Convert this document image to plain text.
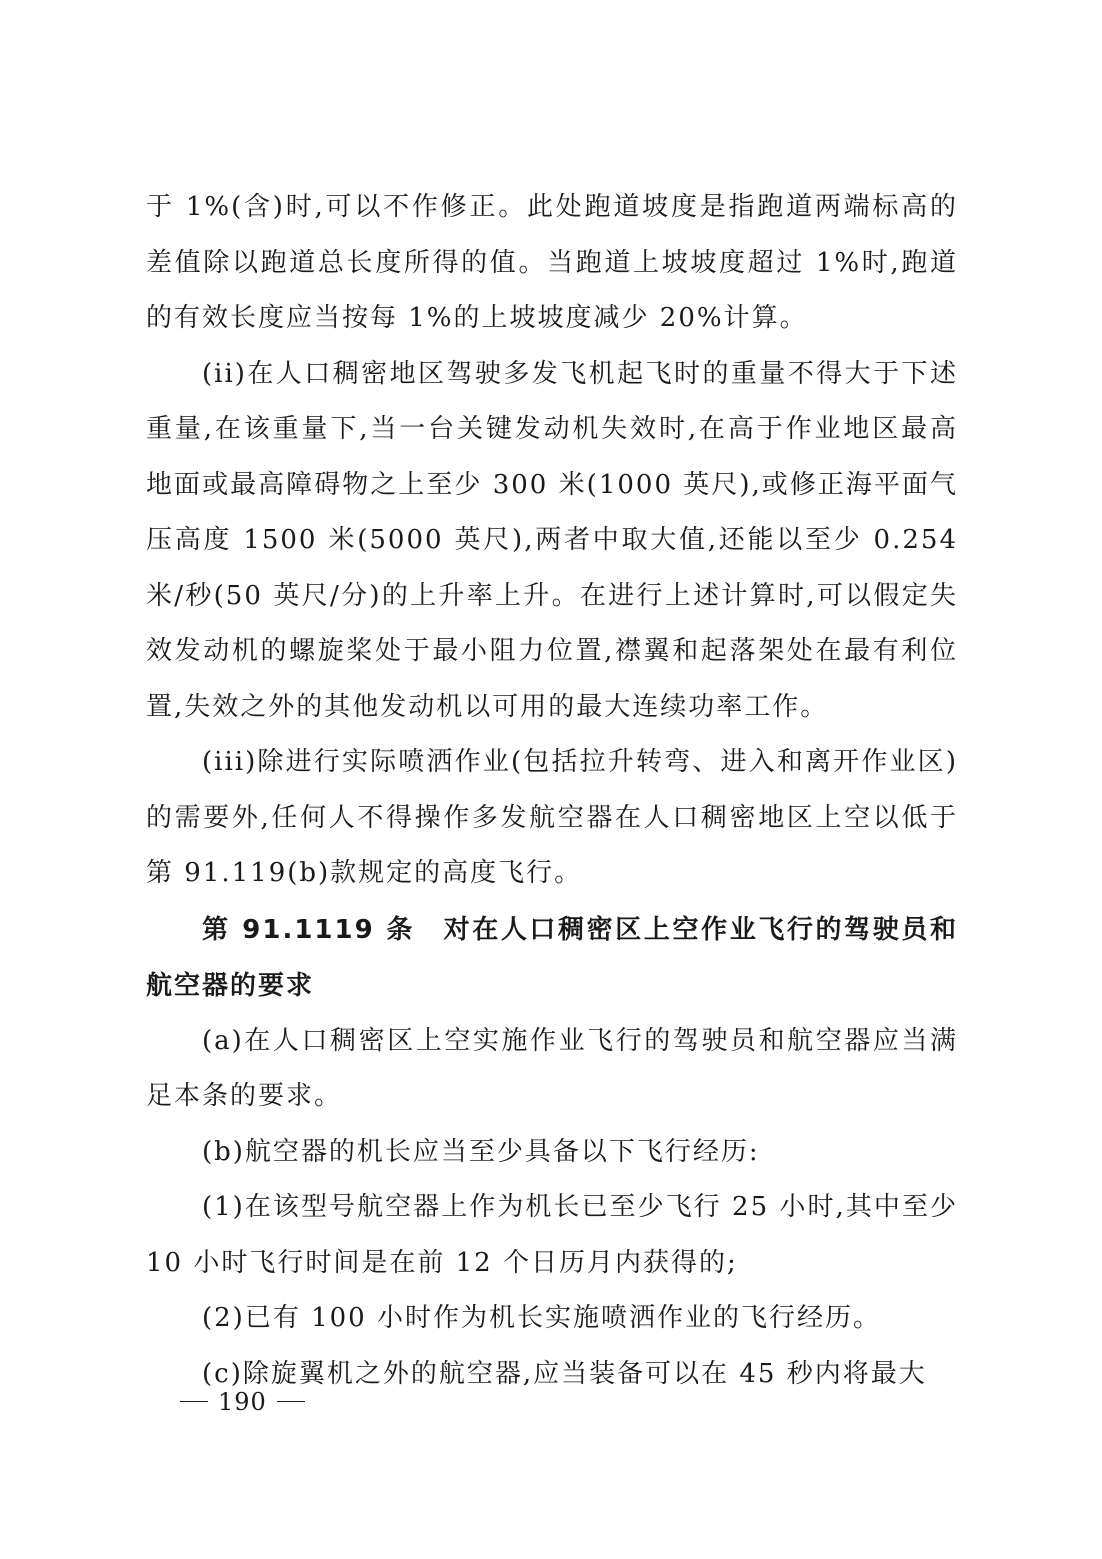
于 1%(含)时,可以不作修正。此处跑道坡度是指跑道两端标高的差值除以跑道总长度所得的值。当跑道上坡坡度超过 1%时,跑道的有效长度应当按每 1%的上坡坡度减少 20%计算。

(ii)在人口稠密地区驾驶多发飞机起飞时的重量不得大于下述重量,在该重量下,当一台关键发动机失效时,在高于作业地区最高地面或最高障碍物之上至少 300 米(1000 英尺),或修正海平面气压高度 1500 米(5000 英尺),两者中取大值,还能以至少 0.254 米/秒(50 英尺/分)的上升率上升。在进行上述计算时,可以假定失效发动机的螺旋桨处于最小阻力位置,襟翼和起落架处在最有利位置,失效之外的其他发动机以可用的最大连续功率工作。

(iii)除进行实际喷洒作业(包括拉升转弯、进入和离开作业区)的需要外,任何人不得操作多发航空器在人口稠密地区上空以低于第 91.119(b)款规定的高度飞行。

第 91.1119 条 对在人口稠密区上空作业飞行的驾驶员和航空器的要求

(a)在人口稠密区上空实施作业飞行的驾驶员和航空器应当满足本条的要求。

(b)航空器的机长应当至少具备以下飞行经历:

(1)在该型号航空器上作为机长已至少飞行 25 小时,其中至少 10 小时飞行时间是在前 12 个日历月内获得的;

(2)已有 100 小时作为机长实施喷洒作业的飞行经历。

(c)除旋翼机之外的航空器,应当装备可以在 45 秒内将最大

190
